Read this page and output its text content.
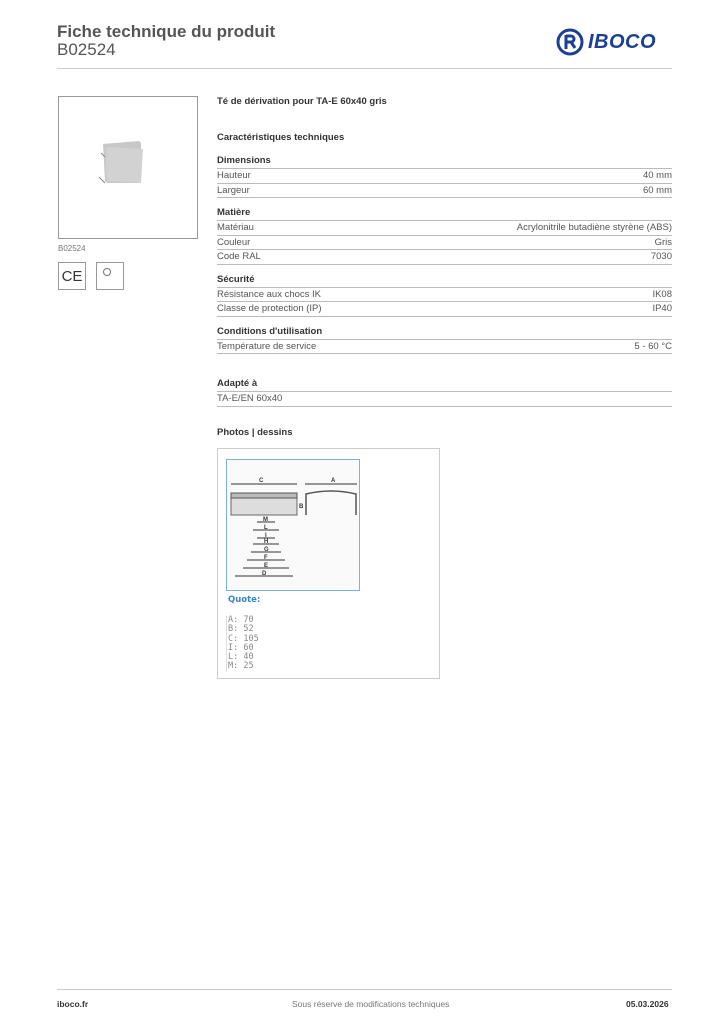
Fiche technique du produit
B02524	IBOCO
B02524
CE
Té de dérivation pour TA-E 60x40 gris
Caractéristiques techniques
Dimensions
Hauteur	40 mm
Largeur	60 mm
Matière
Matériau	Acrylonitrile butadiène styrène (ABS)
Couleur	Gris
Code RAL	7030
Sécurité
Résistance aux chocs IK	IK08
Classe de protection (IP)	IP40
Conditions d'utilisation
Température de service	5 - 60 °C
Adapté à
TA-E/EN 60x40
Photos | dessins
C	A
B
M
L
I
H
G
F
E
D
Quote:
A: 70
B: 52
C: 105
I: 60
L: 40
M: 25
iboco.fr	Sous réserve de modifications techniques	05.03.2026
